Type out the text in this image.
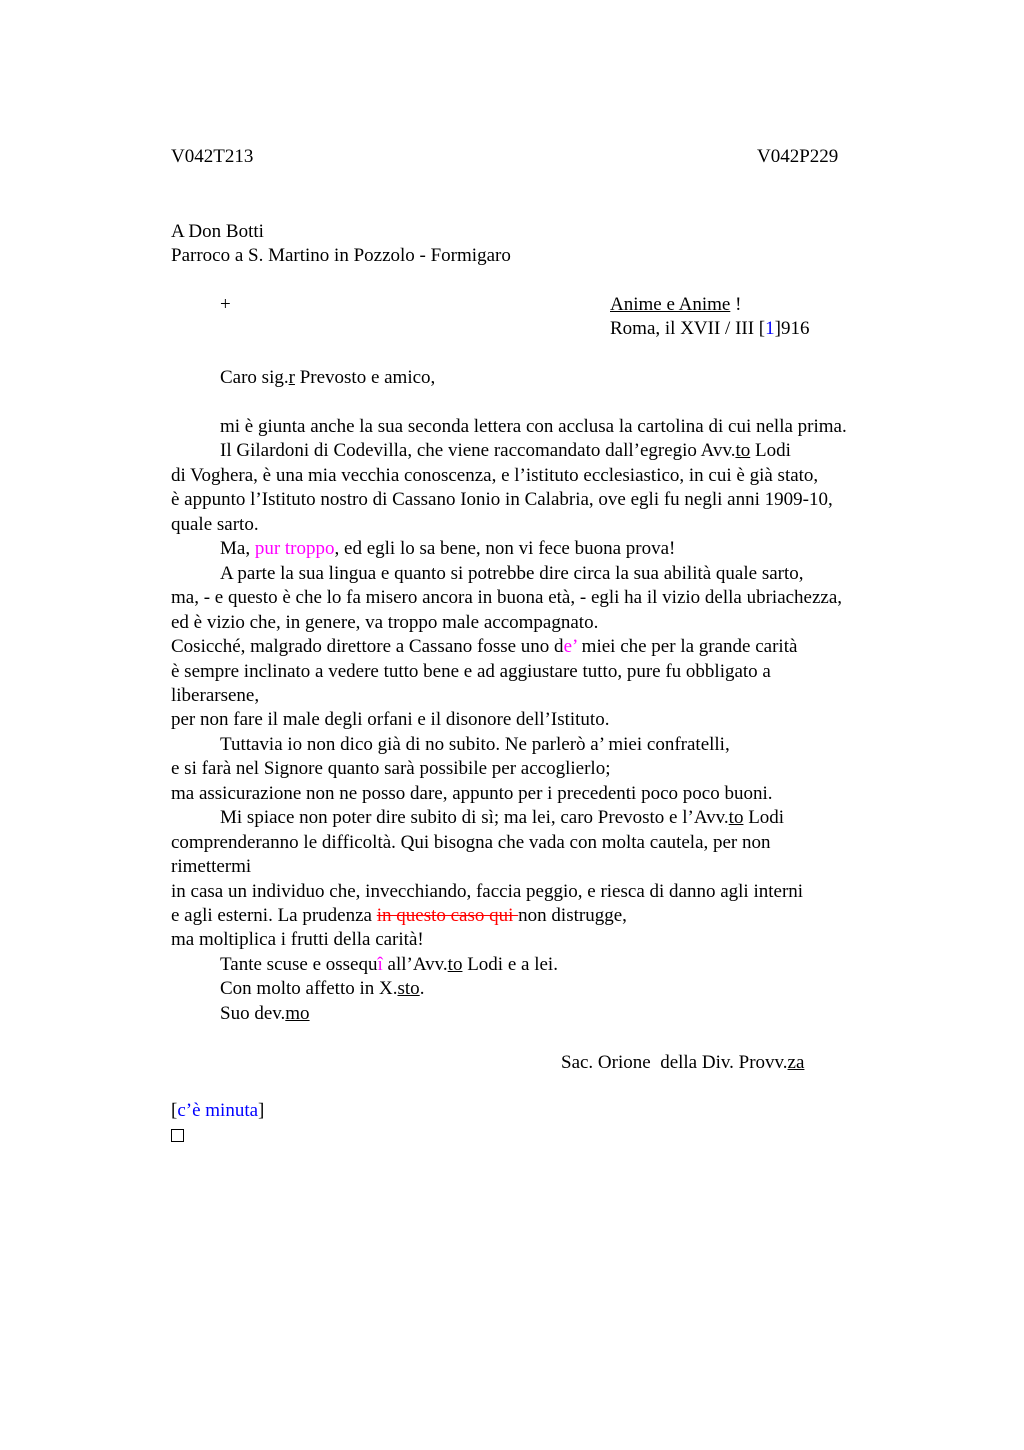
V042T213	V042P229
A Don Botti
Parroco a S. Martino in Pozzolo - Formigaro
+	Anime e Anime !
Roma, il XVII / III [1]916
Caro sig.r Prevosto e amico,
mi è giunta anche la sua seconda lettera con acclusa la cartolina di cui nella prima.
Il Gilardoni di Codevilla, che viene raccomandato dall’egregio Avv.to Lodi
di Voghera, è una mia vecchia conoscenza, e l’istituto ecclesiastico, in cui è già stato,
è appunto l’Istituto nostro di Cassano Ionio in Calabria, ove egli fu negli anni 1909-10,
quale sarto.
Ma, pur troppo, ed egli lo sa bene, non vi fece buona prova!
A parte la sua lingua e quanto si potrebbe dire circa la sua abilità quale sarto,
ma, - e questo è che lo fa misero ancora in buona età, - egli ha il vizio della ubriachezza,
ed è vizio che, in genere, va troppo male accompagnato.
Cosicché, malgrado direttore a Cassano fosse uno de’ miei che per la grande carità
è sempre inclinato a vedere tutto bene e ad aggiustare tutto, pure fu obbligato a
liberarsene,
per non fare il male degli orfani e il disonore dell’Istituto.
Tuttavia io non dico già di no subito. Ne parlerò a’ miei confratelli,
e si farà nel Signore quanto sarà possibile per accoglierlo;
ma assicurazione non ne posso dare, appunto per i precedenti poco poco buoni.
Mi spiace non poter dire subito di sì; ma lei, caro Prevosto e l’Avv.to Lodi
comprenderanno le difficoltà. Qui bisogna che vada con molta cautela, per non
rimettermi
in casa un individuo che, invecchiando, faccia peggio, e riesca di danno agli interni
e agli esterni. La prudenza in questo caso qui non distrugge,
ma moltiplica i frutti della carità!
Tante scuse e ossequî all’Avv.to Lodi e a lei.
Con molto affetto in X.sto.
Suo dev.mo
Sac. Orione  della Div. Provv.za
[c’è minuta]
